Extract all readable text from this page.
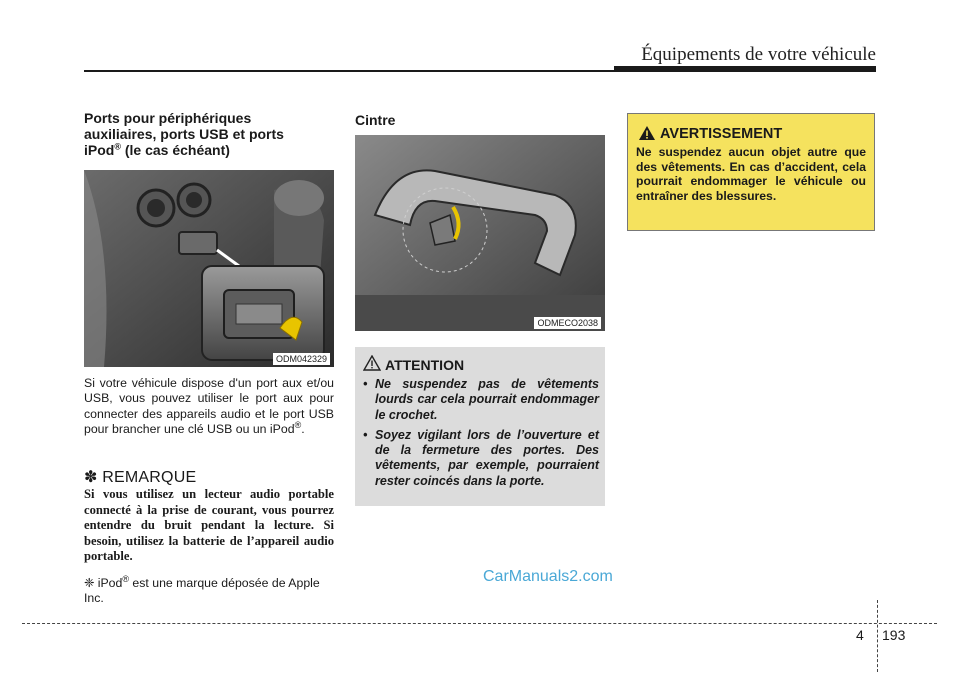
Équipements de votre véhicule
Ports pour périphériques
auxiliaires, ports USB et ports
iPod® (le cas échéant)
ODM042329
Si votre véhicule dispose d'un port aux et/ou USB, vous pouvez utiliser le port aux pour connecter des appareils audio et le port USB pour brancher une clé USB ou un iPod®.
✽ REMARQUE
Si vous utilisez un lecteur audio portable connecté à la prise de courant, vous pourrez entendre du bruit pendant la lecture. Si besoin, utilisez la batterie de l’appareil audio portable.
❈ iPod® est une marque déposée de Apple Inc.
Cintre
ODMECO2038
ATTENTION
• Ne suspendez pas de vêtements lourds car cela pourrait endommager le crochet.
• Soyez vigilant lors de l’ouverture et de la fermeture des portes. Des vêtements, par exemple, pourraient rester coincés dans la porte.
AVERTISSEMENT
Ne suspendez aucun objet autre que des vêtements. En cas d’accident, cela pourrait endommager le véhicule ou entraîner des blessures.
CarManuals2.com
4 193
